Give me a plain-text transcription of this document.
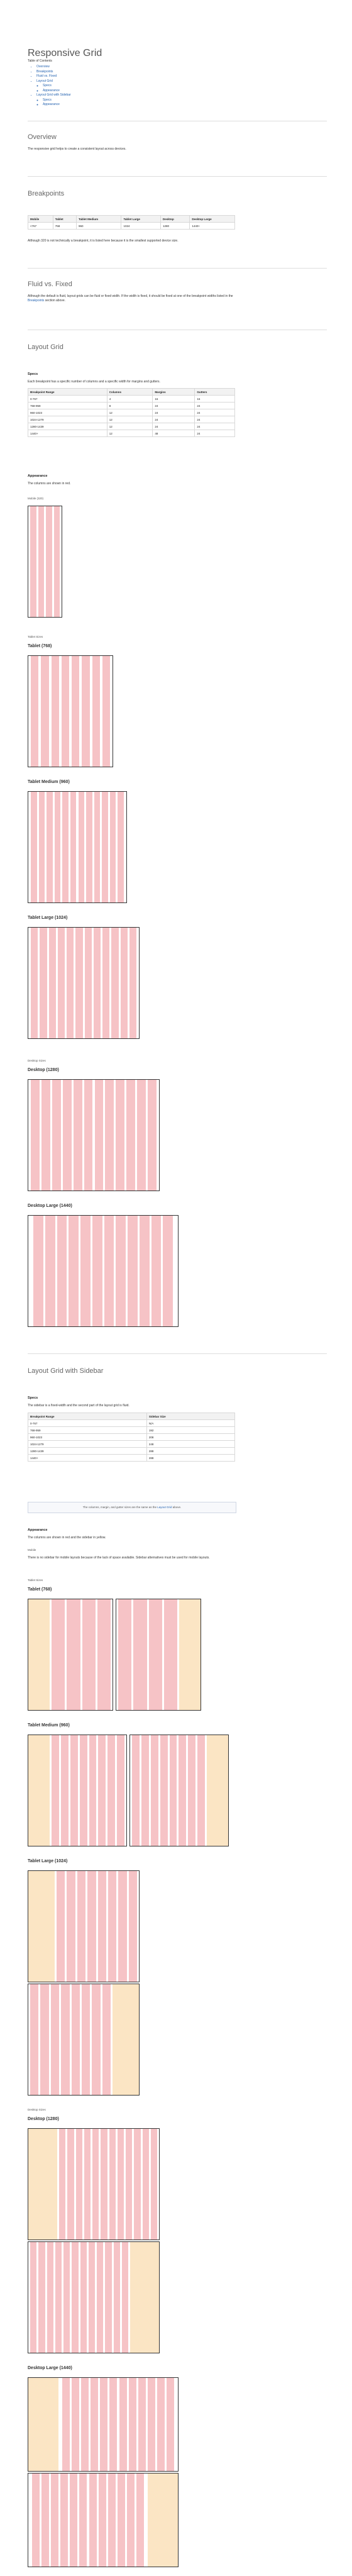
Responsive Grid
Table of Contents
• Overview
• Breakpoints
• Fluid vs. Fixed
• Layout Grid
◦ Specs
◦ Appearance
• Layout Grid with Sidebar
◦ Specs
◦ Appearance
Overview

The responsive grid helps to create a consistent layout across devices.

Breakpoints
Mobile	Tablet	Tablet Medium	Tablet Large	Desktop	Desktop Large
<767	768	960	1024	1280	1440+

Although 320 is not technically a breakpoint, it is listed here because it is the smallest supported device size.

Fluid vs. Fixed

Although the default is fluid, layout grids can be fluid or fixed width. If the width is fixed, it should be fixed at one of the breakpoint widths listed in the Breakpoints section above.

Layout Grid
Specs

Each breakpoint has a specific number of columns and a specific width for margins and gutters.

Breakpoint Range	Columns	Margins	Gutters
0-767	4	16	16
768-959	8	24	24
960-1023	12	24	24
1024-1279	12	24	24
1280-1439	12	24	24
1440+	12	48	24
Appearance

The columns are shown in red.

Mobile (320)
Tablet Sizes
Tablet (768)
Tablet Medium (960)
Tablet Large (1024)
Desktop Sizes
Desktop (1280)
Desktop Large (1440)
Layout Grid with Sidebar
Specs

The sidebar is a fixed-width and the second part of the layout grid is fluid.

Breakpoint Range	Sidebar Size
0-767	N/A
768-959	192
960-1023	208
1024-1279	248
1280-1439	288
1440+	288
The columns, margin, and gutter sizes are the same as the Layout Grid above.
Appearance

The columns are shown in red and the sidebar in yellow.

Mobile

There is no sidebar for mobile layouts because of the lack of space available. Sidebar alternatives must be used for mobile layouts.

Tablet Sizes
Tablet (768)
Tablet Medium (960)
Tablet Large (1024)
Desktop Sizes
Desktop (1280)
Desktop Large (1440)
